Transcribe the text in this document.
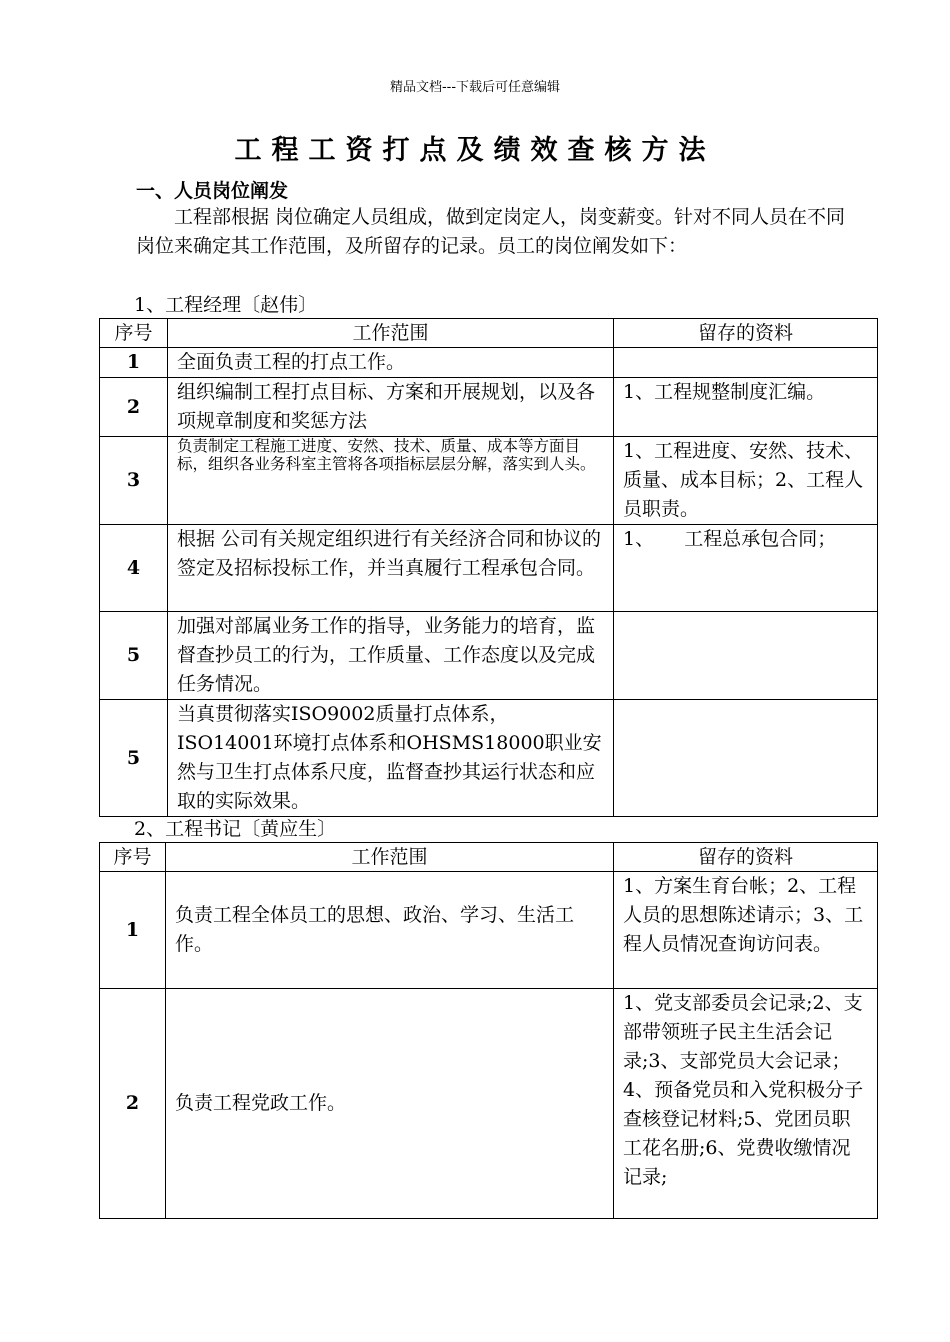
精品文档---下载后可任意编辑
工程工资打点及绩效查核方法
一、人员岗位阐发

工程部根据 岗位确定人员组成，做到定岗定人，岗变薪变。针对不同人员在不同岗位来确定其工作范围，及所留存的记录。员工的岗位阐发如下：

1、工程经理〔赵伟〕
序号	工作范围	留存的资料
1	全面负责工程的打点工作。	
2	组织编制工程打点目标、方案和开展规划，以及各项规章制度和奖惩方法	1、工程规整制度汇编。
3	负责制定工程施工进度、安然、技术、质量、成本等方面目标，组织各业务科室主管将各项指标层层分解，落实到人头。	1、工程进度、安然、技术、质量、成本目标；2、工程人员职责。
4	根据 公司有关规定组织进行有关经济合同和协议的签定及招标投标工作，并当真履行工程承包合同。	1、     工程总承包合同；
5	加强对部属业务工作的指导，业务能力的培育，监督查抄员工的行为，工作质量、工作态度以及完成任务情况。	
5	当真贯彻落实ISO9002质量打点体系，ISO14001环境打点体系和OHSMS18000职业安然与卫生打点体系尺度，监督查抄其运行状态和应取的实际效果。	
2、工程书记〔黄应生〕
序号	工作范围	留存的资料
1	负责工程全体员工的思想、政治、学习、生活工作。	1、方案生育台帐；2、工程人员的思想陈述请示；3、工程人员情况查询访问表。
2	负责工程党政工作。	1、党支部委员会记录;2、支部带领班子民主生活会记录;3、支部党员大会记录；4、预备党员和入党积极分子查核登记材料;5、党团员职工花名册;6、党费收缴情况记录;
